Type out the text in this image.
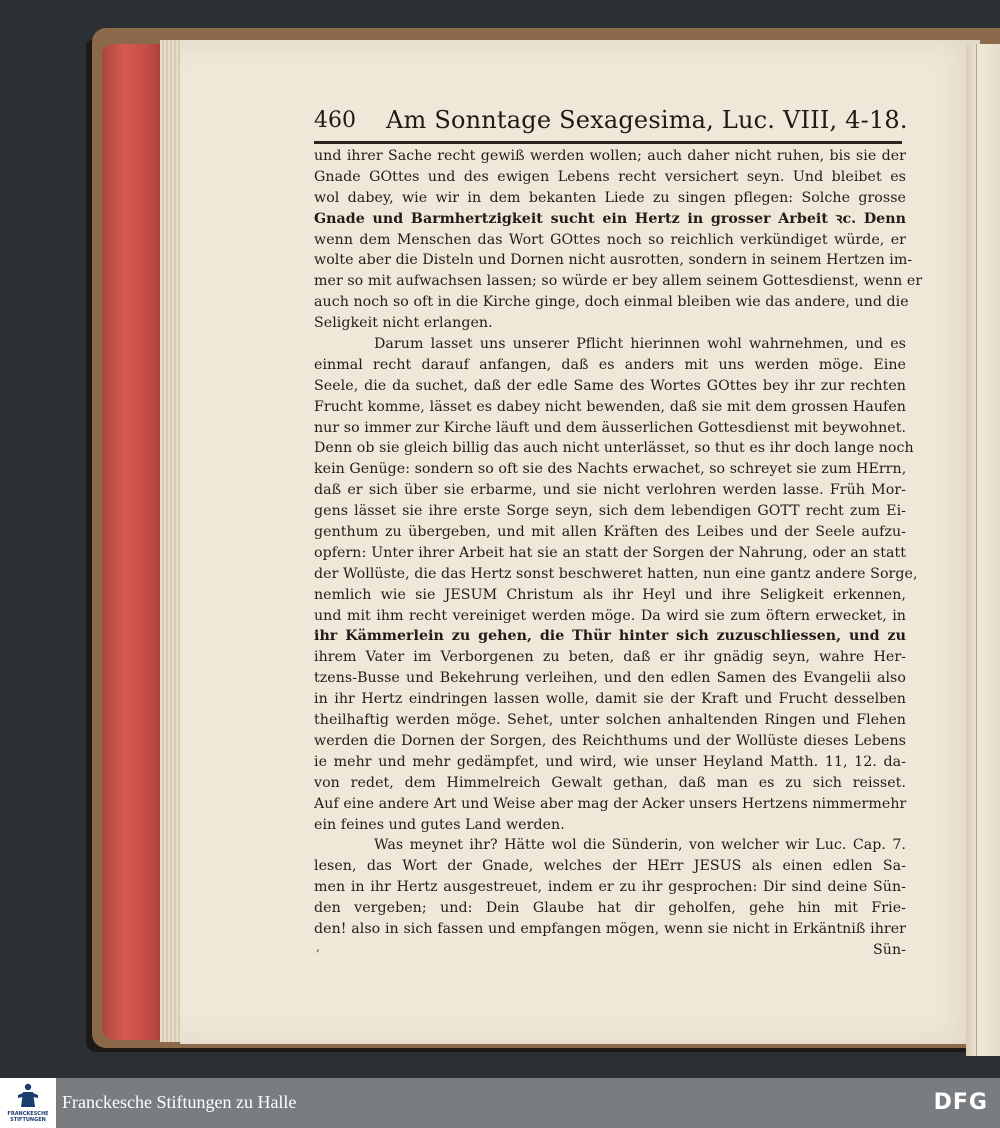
460 Am Sonntage Sexagesima, Luc. VIII, 4-18.
und ihrer Sache recht gewiß werden wollen; auch daher nicht ruhen, bis sie der
Gnade GOttes und des ewigen Lebens recht versichert seyn. Und bleibet es
wol dabey, wie wir in dem bekanten Liede zu singen pflegen: Solche grosse
Gnade und Barmhertzigkeit sucht ein Hertz in grosser Arbeit ꝛc. Denn
wenn dem Menschen das Wort GOttes noch so reichlich verkündiget würde, er
wolte aber die Disteln und Dornen nicht ausrotten, sondern in seinem Hertzen im-
mer so mit aufwachsen lassen; so würde er bey allem seinem Gottesdienst, wenn er
auch noch so oft in die Kirche ginge, doch einmal bleiben wie das andere, und die
Seligkeit nicht erlangen.
Darum lasset uns unserer Pflicht hierinnen wohl wahrnehmen, und es
einmal recht darauf anfangen, daß es anders mit uns werden möge. Eine
Seele, die da suchet, daß der edle Same des Wortes GOttes bey ihr zur rechten
Frucht komme, lässet es dabey nicht bewenden, daß sie mit dem grossen Haufen
nur so immer zur Kirche läuft und dem äusserlichen Gottesdienst mit beywohnet.
Denn ob sie gleich billig das auch nicht unterlässet, so thut es ihr doch lange noch
kein Genüge: sondern so oft sie des Nachts erwachet, so schreyet sie zum HErrn,
daß er sich über sie erbarme, und sie nicht verlohren werden lasse. Früh Mor-
gens lässet sie ihre erste Sorge seyn, sich dem lebendigen GOTT recht zum Ei-
genthum zu übergeben, und mit allen Kräften des Leibes und der Seele aufzu-
opfern: Unter ihrer Arbeit hat sie an statt der Sorgen der Nahrung, oder an statt
der Wollüste, die das Hertz sonst beschweret hatten, nun eine gantz andere Sorge,
nemlich wie sie JESUM Christum als ihr Heyl und ihre Seligkeit erkennen,
und mit ihm recht vereiniget werden möge. Da wird sie zum öftern erwecket, in
ihr Kämmerlein zu gehen, die Thür hinter sich zuzuschliessen, und zu
ihrem Vater im Verborgenen zu beten, daß er ihr gnädig seyn, wahre Her-
tzens-Busse und Bekehrung verleihen, und den edlen Samen des Evangelii also
in ihr Hertz eindringen lassen wolle, damit sie der Kraft und Frucht desselben
theilhaftig werden möge. Sehet, unter solchen anhaltenden Ringen und Flehen
werden die Dornen der Sorgen, des Reichthums und der Wollüste dieses Lebens
ie mehr und mehr gedämpfet, und wird, wie unser Heyland Matth. 11, 12. da-
von redet, dem Himmelreich Gewalt gethan, daß man es zu sich reisset.
Auf eine andere Art und Weise aber mag der Acker unsers Hertzens nimmermehr
ein feines und gutes Land werden.
Was meynet ihr? Hätte wol die Sünderin, von welcher wir Luc. Cap. 7.
lesen, das Wort der Gnade, welches der HErr JESUS als einen edlen Sa-
men in ihr Hertz ausgestreuet, indem er zu ihr gesprochen: Dir sind deine Sün-
den vergeben; und: Dein Glaube hat dir geholfen, gehe hin mit Frie-
den! also in sich fassen und empfangen mögen, wenn sie nicht in Erkäntniß ihrer
Sün-
,
FRANCKESCHE STIFTUNGEN
Franckesche Stiftungen zu Halle	DFG
